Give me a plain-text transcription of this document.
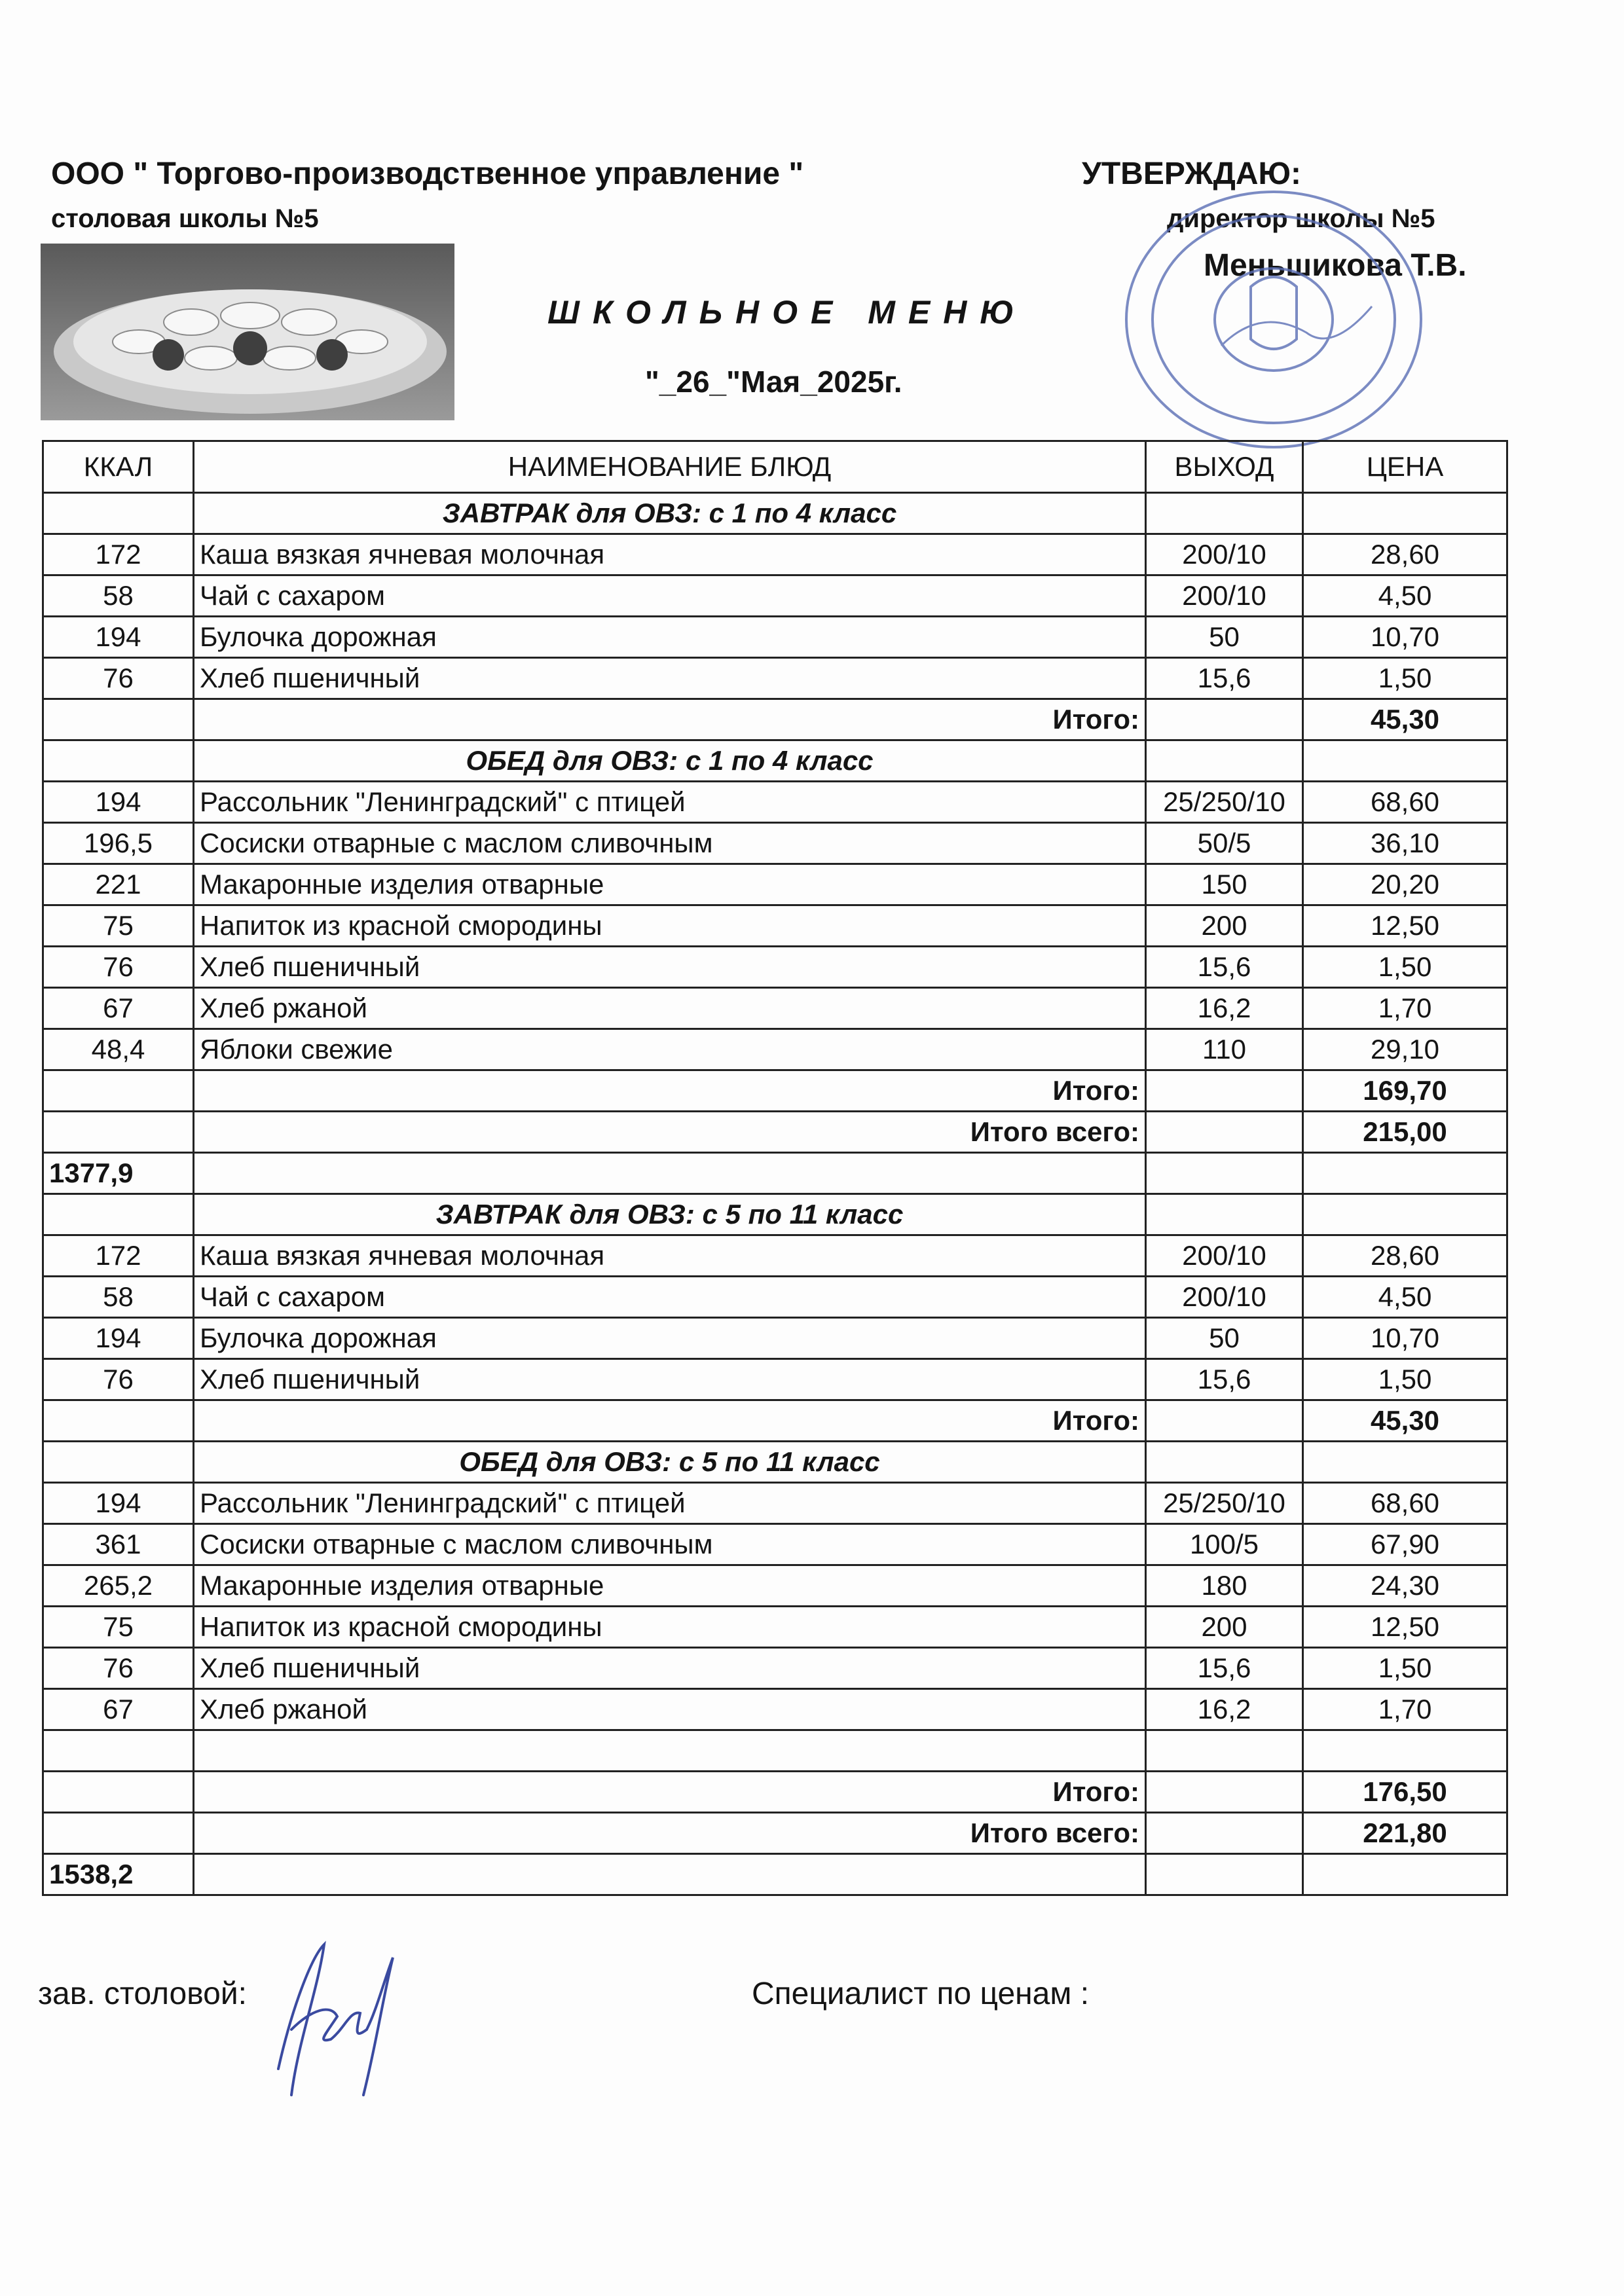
ООО " Торгово-производственное управление "
столовая школы №5
УТВЕРЖДАЮ:
директор школы №5
Меньшикова Т.В.
ШКОЛЬНОЕ МЕНЮ
"_26_"Мая_2025г.
ККАЛ	НАИМЕНОВАНИЕ БЛЮД	ВЫХОД	ЦЕНА
	ЗАВТРАК для ОВЗ: с 1 по 4 класс		
172	Каша вязкая ячневая молочная	200/10	28,60
58	Чай с сахаром	200/10	4,50
194	Булочка дорожная	50	10,70
76	Хлеб пшеничный	15,6	1,50
	Итого:		45,30
	ОБЕД для ОВЗ: с 1 по 4 класс		
194	Рассольник "Ленинградский" с птицей	25/250/10	68,60
196,5	Сосиски отварные с маслом сливочным	50/5	36,10
221	Макаронные изделия отварные	150	20,20
75	Напиток из красной смородины	200	12,50
76	Хлеб пшеничный	15,6	1,50
67	Хлеб ржаной	16,2	1,70
48,4	Яблоки свежие	110	29,10
	Итого:		169,70
	Итого всего:		215,00
1377,9			
	ЗАВТРАК для ОВЗ: с 5 по 11 класс		
172	Каша вязкая ячневая молочная	200/10	28,60
58	Чай с сахаром	200/10	4,50
194	Булочка дорожная	50	10,70
76	Хлеб пшеничный	15,6	1,50
	Итого:		45,30
	ОБЕД для ОВЗ: с 5 по 11 класс		
194	Рассольник "Ленинградский" с птицей	25/250/10	68,60
361	Сосиски отварные с маслом сливочным	100/5	67,90
265,2	Макаронные изделия отварные	180	24,30
75	Напиток из красной смородины	200	12,50
76	Хлеб пшеничный	15,6	1,50
67	Хлеб ржаной	16,2	1,70

	Итого:		176,50
	Итого всего:		221,80
1538,2			
зав. столовой:	Специалист по ценам :
